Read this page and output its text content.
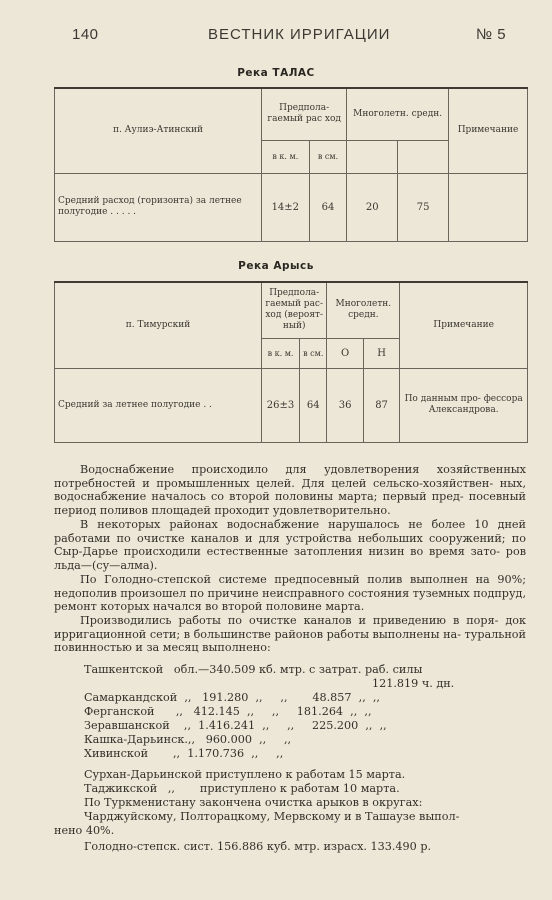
140	ВЕСТНИК ИРРИГАЦИИ	№ 5
Река ТАЛАС
п. Аулиэ-Атинский	Предпола- гаемый рас ход		Многолетн. средн.		Примечание
	в к. м.	в см.			
Средний расход (горизонта) за летнее полугодие . . . . .	14±2	64	20	75	
Река Арысь
п. Тимурский	Предпола- гаемый рас- ход (вероят- ный)		Многолетн. средн.		Примечание
	в к. м.	в см.	О	Н	
Средний за летнее полугодие . .	26±3	64	36	87	По данным про- фессора Александрова.
Водоснабжение происходило для удовлетворения хозяйственных потребностей и промышленных целей. Для целей сельско-хозяйствен- ных, водоснабжение началось со второй половины марта; первый пред- посевный период поливов площадей проходит удовлетворительно.
В некоторых районах водоснабжение нарушалось не более 10 дней работами по очистке каналов и для устройства небольших сооружений; по Сыр-Дарье происходили естественные затопления низин во время зато- ров льда—(су—алма).
По Голодно-степской системе предпосевный полив выполнен на 90%; недополив произошел по причине неисправного состояния туземных подпруд, ремонт которых начался во второй половине марта.
Производились работы по очистке каналов и приведению в поря- док ирригационной сети; в большинстве районов работы выполнены на- туральной повинностью и за месяц выполнено:
Ташкентской   обл.—340.509 кб. мтр. с затрат. раб. силы
121.819 ч. дн.
Самаркандской  ,,   191.280  ,,     ,,       48.857  ,,  ,,
Ферганской      ,,   412.145  ,,     ,,     181.264  ,,  ,,
Зеравшанской    ,,  1.416.241  ,,     ,,     225.200  ,,  ,,
Кашка-Дарьинск.,,   960.000  ,,     ,,
Хивинской       ,,  1.170.736  ,,     ,,
Сурхан-Дарьинской приступлено к работам 15 марта.
Таджикской   ,,       приступлено к работам 10 марта.
По Туркменистану закончена очистка арыков в округах:
Чарджуйскому, Полторацкому, Мервскому и в Ташаузе выпол-
нено 40%.
Голодно-степск. сист. 156.886 куб. мтр. израсх. 133.490 р.
